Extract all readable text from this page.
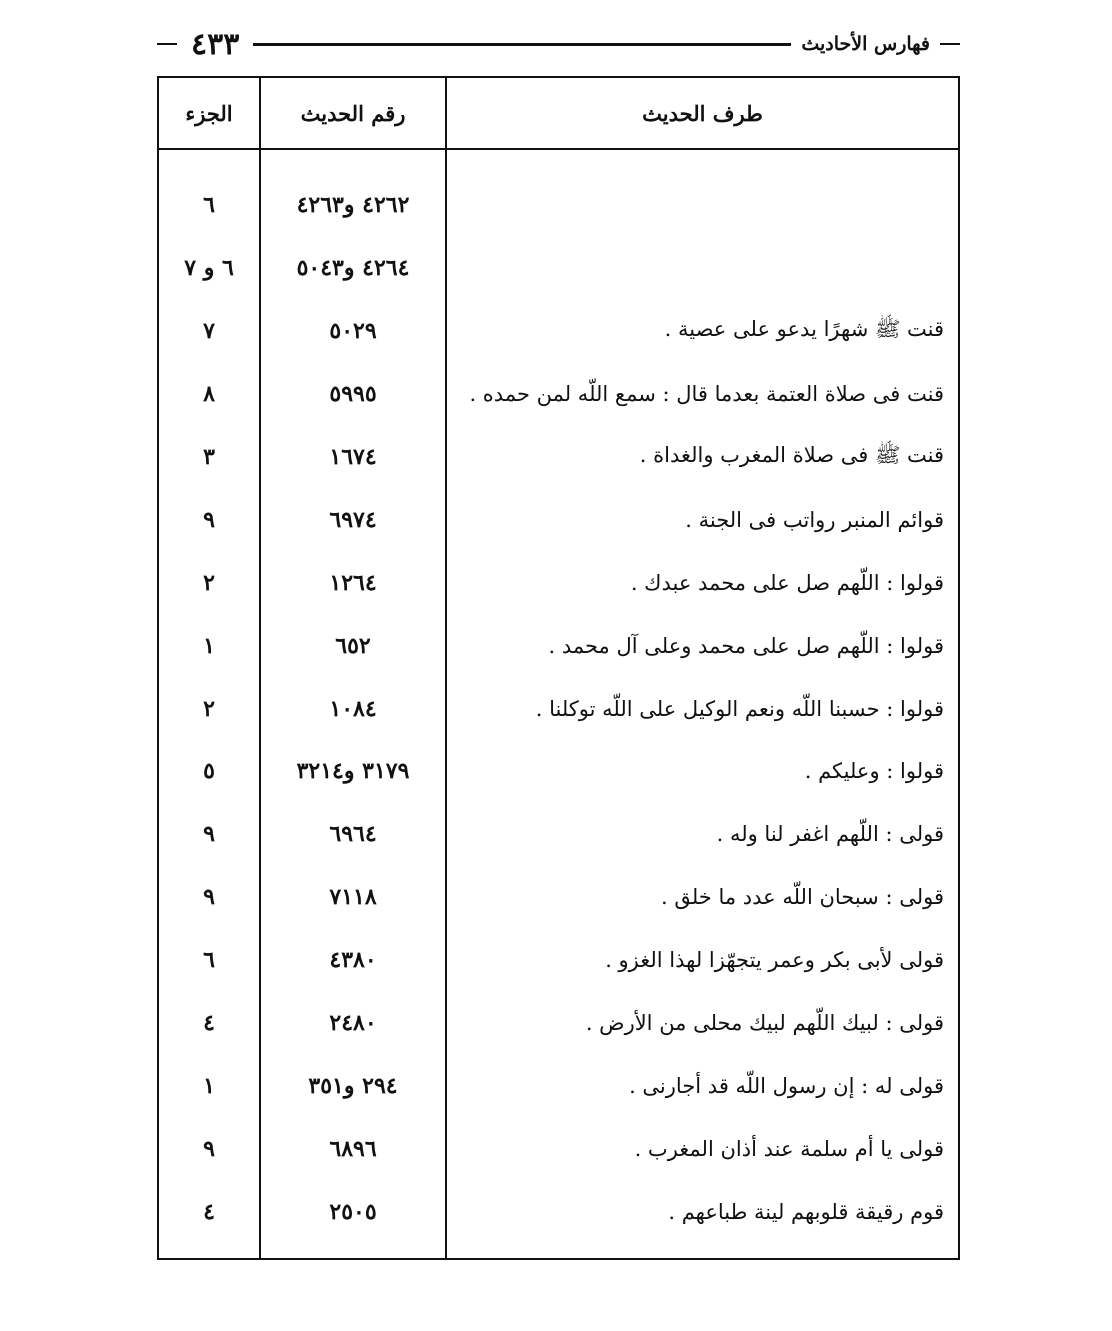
فهارس الأحاديث
٤٣٣
طرف الحديث
رقم الحديث
الجزء
٤٢٦٢ و٤٢٦٣
٦
٤٢٦٤ و٥٠٤٣
٦ و ٧
قنت ﷺ شهرًا يدعو على عصية .
٥٠٢٩
٧
قنت فى صلاة العتمة بعدما قال : سمع اللّه لمن حمده .
٥٩٩٥
٨
قنت ﷺ فى صلاة المغرب والغداة .
١٦٧٤
٣
قوائم المنبر رواتب فى الجنة .
٦٩٧٤
٩
قولوا : اللّهم صل على محمد عبدك .
١٢٦٤
٢
قولوا : اللّهم صل على محمد وعلى آل محمد .
٦٥٢
١
قولوا : حسبنا اللّه ونعم الوكيل على اللّه توكلنا .
١٠٨٤
٢
قولوا : وعليكم .
٣١٧٩ و٣٢١٤
٥
قولى : اللّهم اغفر لنا وله .
٦٩٦٤
٩
قولى : سبحان اللّه عدد ما خلق .
٧١١٨
٩
قولى لأبى بكر وعمر يتجهّزا لهذا الغزو .
٤٣٨٠
٦
قولى : لبيك اللّهم لبيك محلى من الأرض .
٢٤٨٠
٤
قولى له : إن رسول اللّه قد أجارنى .
٢٩٤ و٣٥١
١
قولى يا أم سلمة عند أذان المغرب .
٦٨٩٦
٩
قوم رقيقة قلوبهم لينة طباعهم .
٢٥٠٥
٤
